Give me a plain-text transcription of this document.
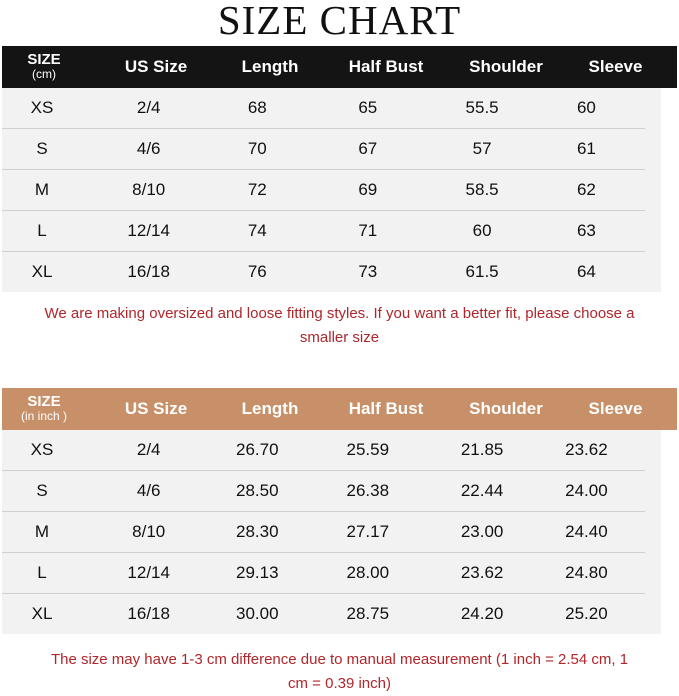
SIZE CHART
SIZE
(cm)	US Size	Length	Half Bust	Shoulder	Sleeve
XS	2/4	68	65	55.5	60
S	4/6	70	67	57	61
M	8/10	72	69	58.5	62
L	12/14	74	71	60	63
XL	16/18	76	73	61.5	64
We are making oversized and loose fitting styles. If you want a better fit, please choose a smaller size
SIZE
(in inch )	US Size	Length	Half Bust	Shoulder	Sleeve
XS	2/4	26.70	25.59	21.85	23.62
S	4/6	28.50	26.38	22.44	24.00
M	8/10	28.30	27.17	23.00	24.40
L	12/14	29.13	28.00	23.62	24.80
XL	16/18	30.00	28.75	24.20	25.20
The size may have 1-3 cm difference due to manual measurement (1 inch = 2.54 cm, 1 cm = 0.39 inch)
